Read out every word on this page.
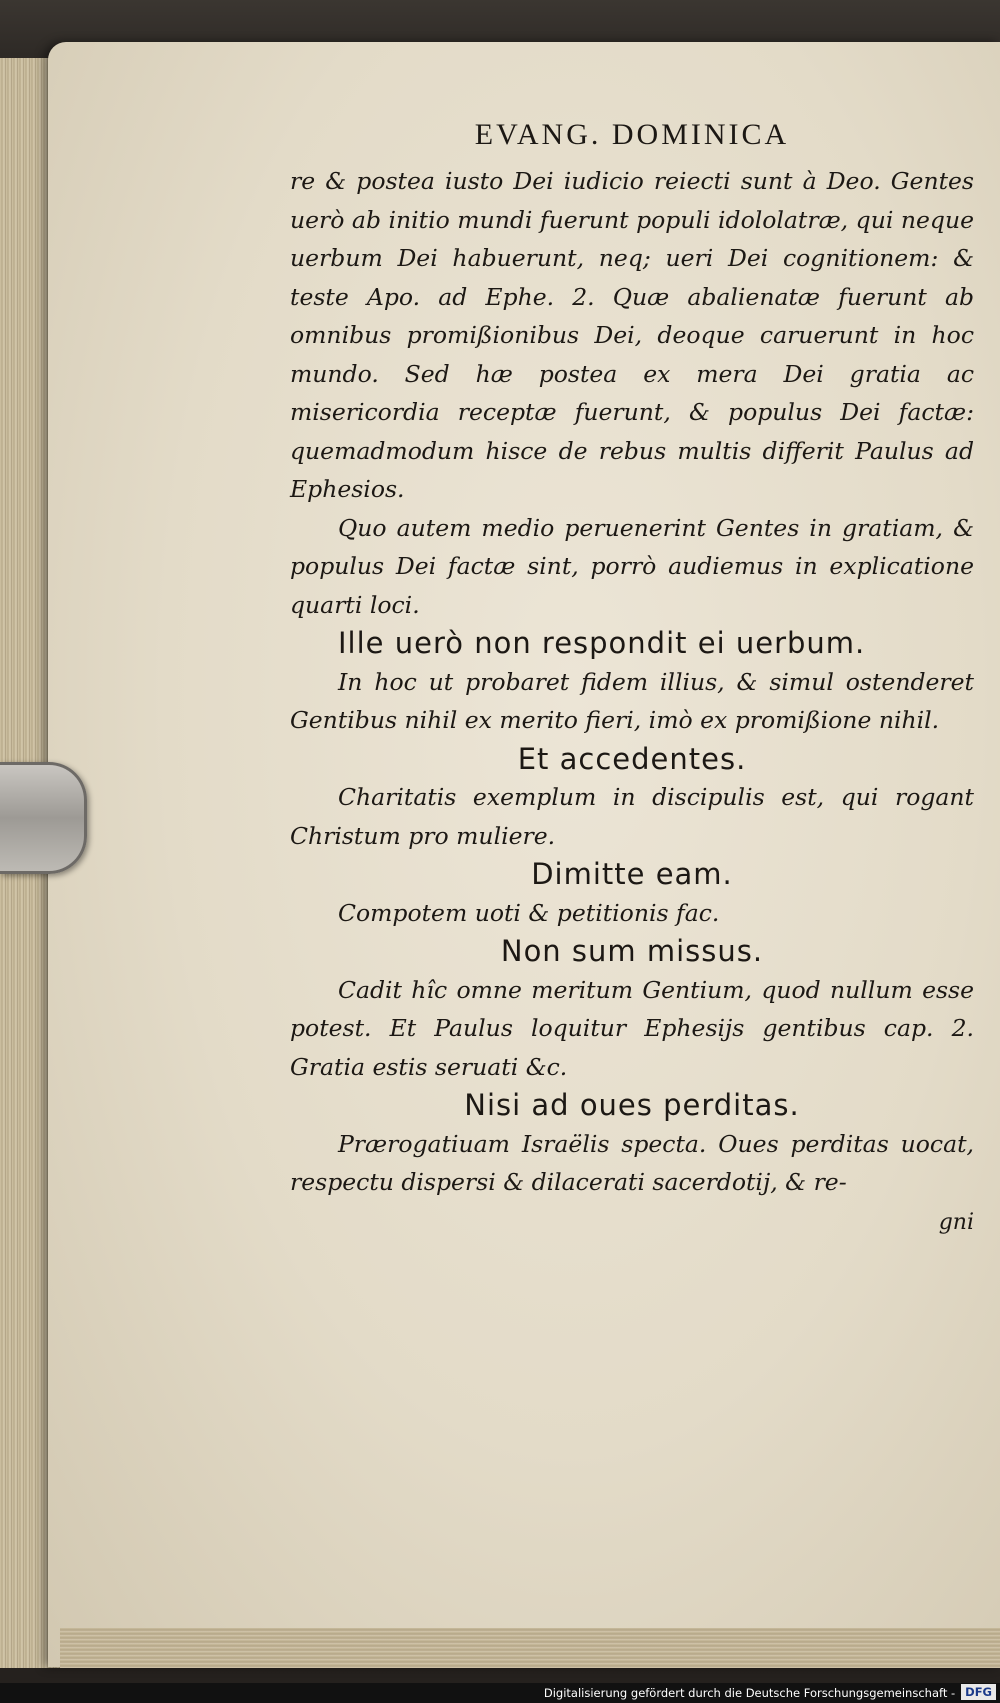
EVANG. DOMINICA
re & postea iusto Dei iudicio reiecti sunt à Deo. Gentes uerò ab initio mundi fuerunt populi idololatræ, qui neque uerbum Dei habuerunt, neq; ueri Dei cognitionem: & teste Apo. ad Ephe. 2. Quæ abalienatæ fuerunt ab omnibus promißionibus Dei, deoque caruerunt in hoc mundo. Sed hæ postea ex mera Dei gratia ac misericordia receptæ fuerunt, & populus Dei factæ: quemadmodum hisce de rebus multis differit Paulus ad Ephesios.
Quo autem medio peruenerint Gentes in gratiam, & populus Dei factæ sint, porrò audiemus in explicatione quarti loci.
Ille uerò non respondit ei uerbum.
In hoc ut probaret fidem illius, & simul ostenderet Gentibus nihil ex merito fieri, imò ex promißione nihil.
Et accedentes.
Charitatis exemplum in discipulis est, qui rogant Christum pro muliere.
Dimitte eam.
Compotem uoti & petitionis fac.
Non sum missus.
Cadit hîc omne meritum Gentium, quod nullum esse potest. Et Paulus loquitur Ephesijs gentibus cap. 2. Gratia estis seruati &c.
Nisi ad oues perditas.
Prærogatiuam Israëlis specta. Oues perditas uocat, respectu dispersi & dilacerati sacerdotij, & re-
gni
Digitalisierung gefördert durch die Deutsche Forschungsgemeinschaft - DFG
